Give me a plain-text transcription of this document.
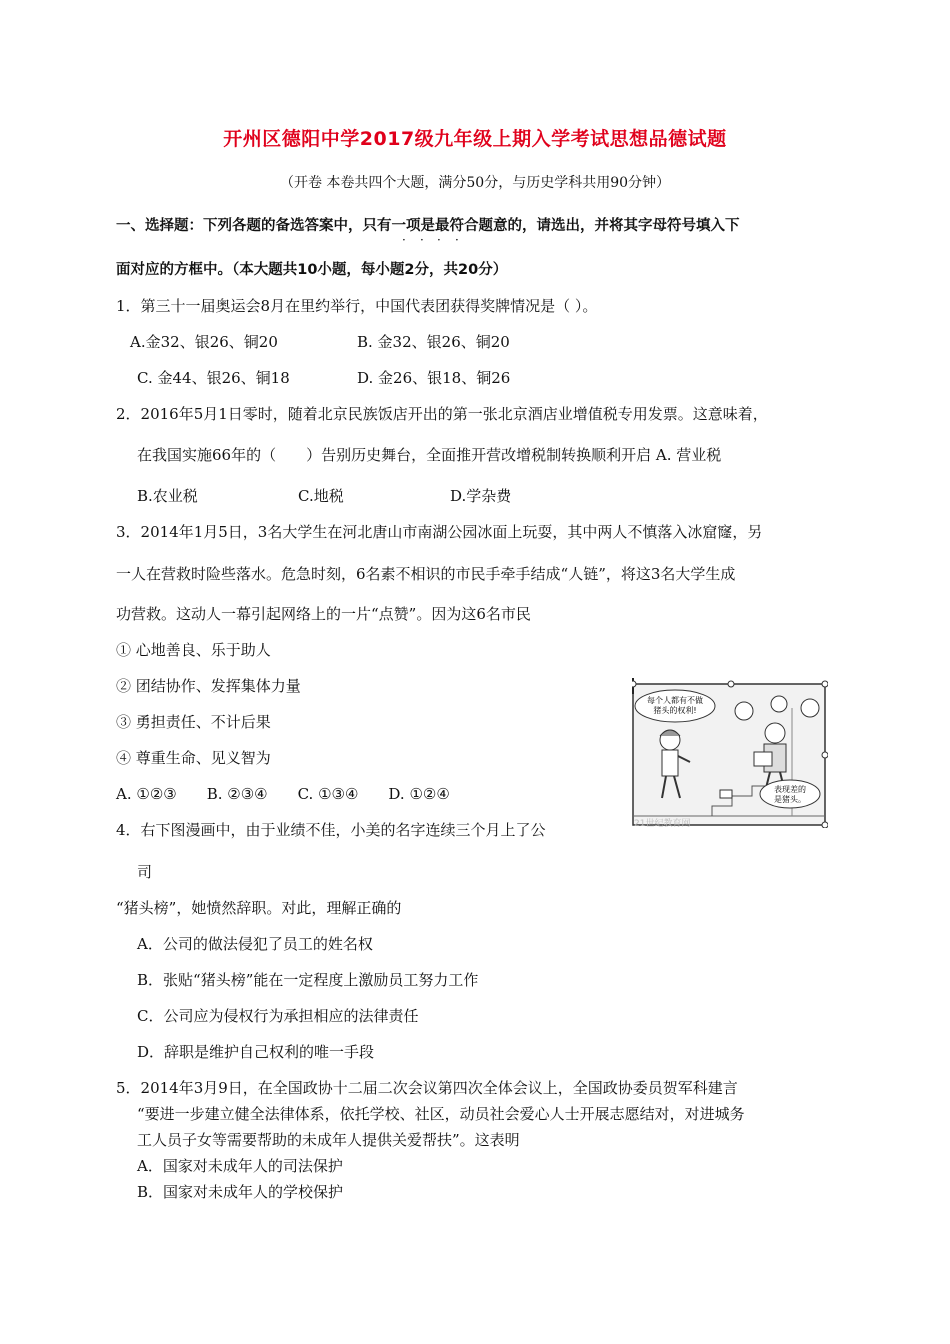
开州区德阳中学2017级九年级上期入学考试思想品德试题
（开卷 本卷共四个大题，满分50分，与历史学科共用90分钟）
一、选择题：下列各题的备选答案中，只有一项是最符合题意的，请选出，并将其字母符号填入下
· · · ·
面对应的方框中。（本大题共10小题，每小题2分，共20分）
1．第三十一届奥运会8月在里约举行，中国代表团获得奖牌情况是（ ）。
A.金32、银26、铜20	B. 金32、银26、铜20
C. 金44、银26、铜18	D. 金26、银18、铜26
2．2016年5月1日零时，随着北京民族饭店开出的第一张北京酒店业增值税专用发票。这意味着，
在我国实施66年的（　　）告别历史舞台，全面推开营改增税制转换顺利开启 A. 营业税
B.农业税	C.地税	D.学杂费
3．2014年1月5日，3名大学生在河北唐山市南湖公园冰面上玩耍，其中两人不慎落入冰窟窿，另
一人在营救时险些落水。危急时刻，6名素不相识的市民手牵手结成“人链”，将这3名大学生成
功营救。这动人一幕引起网络上的一片“点赞”。因为这6名市民
① 心地善良、乐于助人
② 团结协作、发挥集体力量
③ 勇担责任、不计后果
④ 尊重生命、见义智为
A. ①②③　　B. ②③④　　C. ①③④　　D. ①②④
每个人都有不做
猪头的权利!
表现差的
是猪头。
21世纪教育网
4．右下图漫画中，由于业绩不佳，小美的名字连续三个月上了公
司
“猪头榜”，她愤然辞职。对此，理解正确的
A．公司的做法侵犯了员工的姓名权
B．张贴“猪头榜”能在一定程度上激励员工努力工作
C．公司应为侵权行为承担相应的法律责任
D．辞职是维护自己权利的唯一手段
5．2014年3月9日，在全国政协十二届二次会议第四次全体会议上，全国政协委员贺军科建言
“要进一步建立健全法律体系，依托学校、社区，动员社会爱心人士开展志愿结对，对进城务
工人员子女等需要帮助的未成年人提供关爱帮扶”。这表明
A．国家对未成年人的司法保护
B．国家对未成年人的学校保护
